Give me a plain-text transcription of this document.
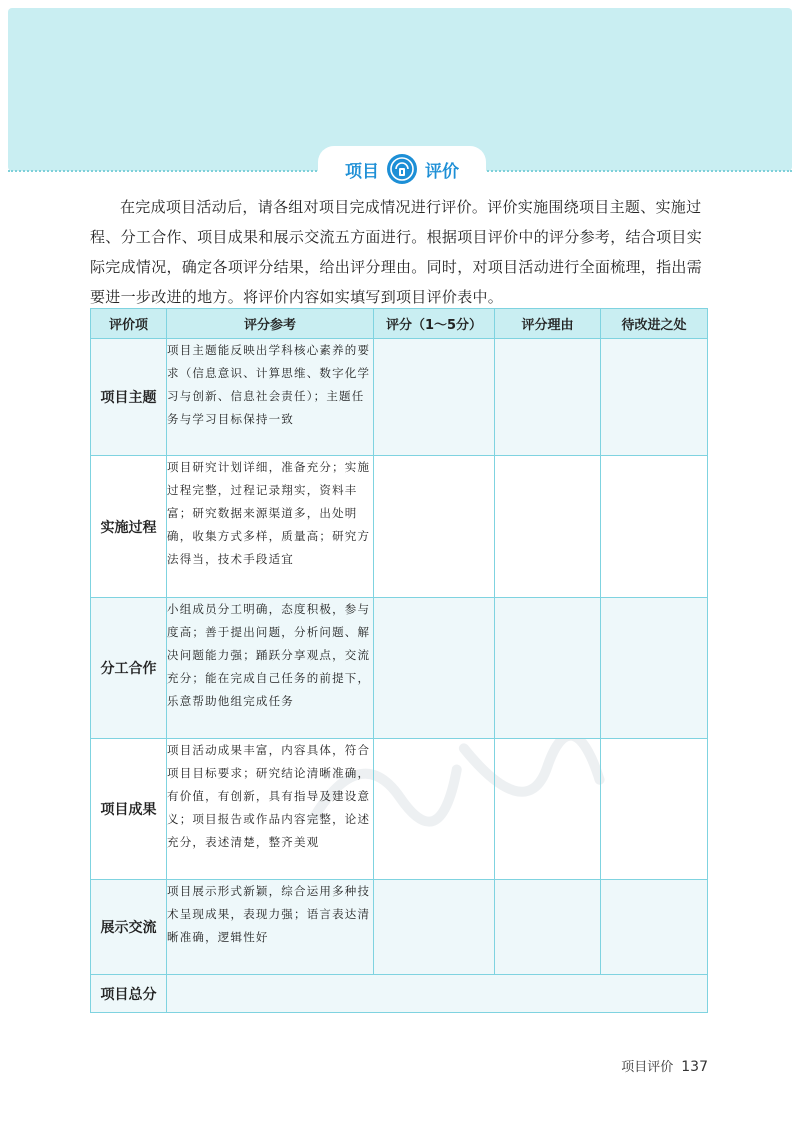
项目	评价

在完成项目活动后，请各组对项目完成情况进行评价。评价实施围绕项目主题、实施过程、分工合作、项目成果和展示交流五方面进行。根据项目评价中的评分参考，结合项目实际完成情况，确定各项评分结果，给出评分理由。同时，对项目活动进行全面梳理，指出需要进一步改进的地方。将评价内容如实填写到项目评价表中。

评价项	评分参考	评分（1～5分）	评分理由	待改进之处
项目主题	项目主题能反映出学科核心素养的要求（信息意识、计算思维、数字化学习与创新、信息社会责任）；主题任务与学习目标保持一致			
实施过程	项目研究计划详细，准备充分；实施过程完整，过程记录翔实，资料丰富；研究数据来源渠道多，出处明确，收集方式多样，质量高；研究方法得当，技术手段适宜			
分工合作	小组成员分工明确，态度积极，参与度高；善于提出问题，分析问题、解决问题能力强；踊跃分享观点，交流充分；能在完成自己任务的前提下，乐意帮助他组完成任务			
项目成果	项目活动成果丰富，内容具体，符合项目目标要求；研究结论清晰准确，有价值，有创新，具有指导及建设意义；项目报告或作品内容完整，论述充分，表述清楚，整齐美观			
展示交流	项目展示形式新颖，综合运用多种技术呈现成果，表现力强；语言表达清晰准确，逻辑性好			
项目总分				
项目评价 137
